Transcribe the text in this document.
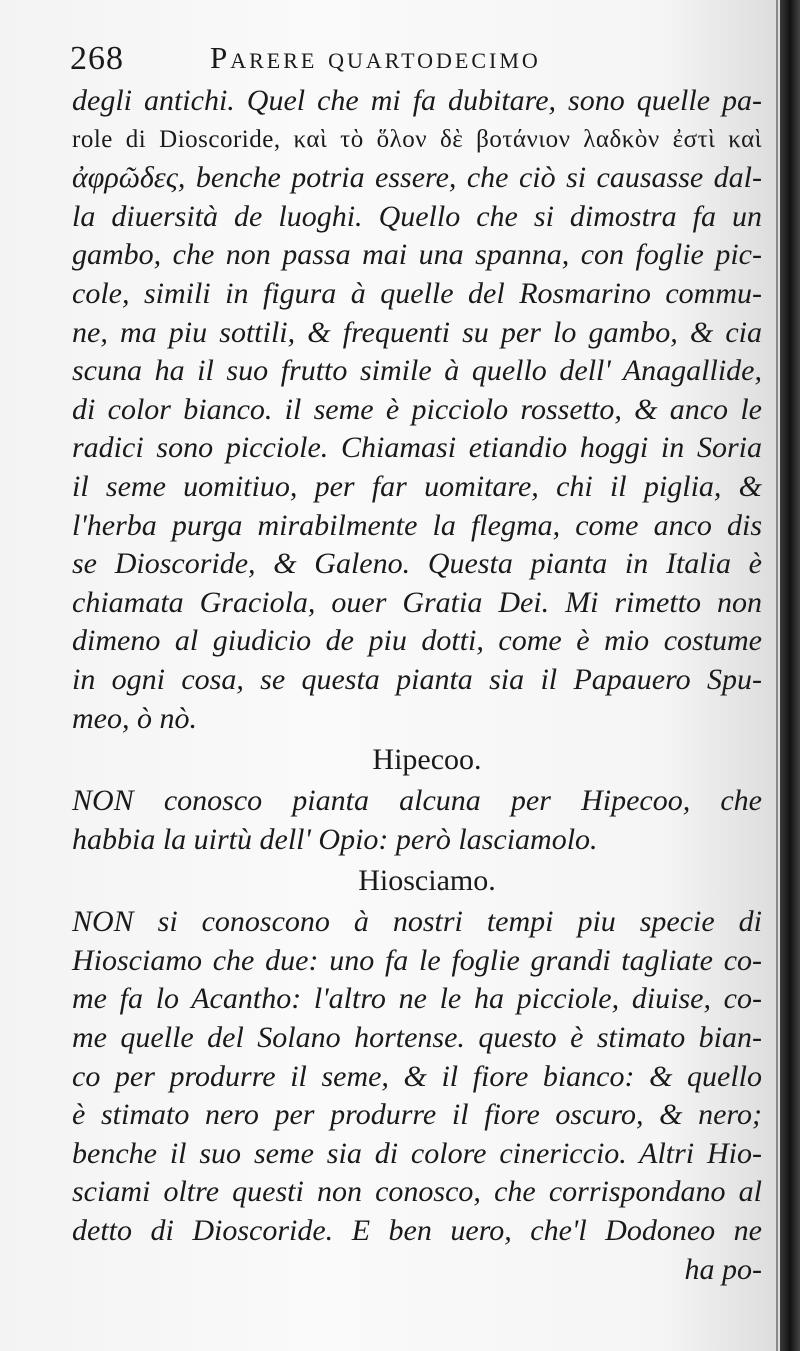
268	Parere quartodecimo
degli antichi. Quel che mi fa dubitare, sono quelle pa-
role di Dioscoride, καὶ τὸ ὅλον δὲ βοτάνιον λαδκὸν ἐστὶ καὶ
ἀφρῶδες, benche potria essere, che ciò si causasse dal-
la diuersità de luoghi. Quello che si dimostra fa un
gambo, che non passa mai una spanna, con foglie pic-
cole, simili in figura à quelle del Rosmarino commu-
ne, ma piu sottili, & frequenti su per lo gambo, & cia
scuna ha il suo frutto simile à quello dell' Anagallide,
di color bianco. il seme è picciolo rossetto, & anco le
radici sono picciole. Chiamasi etiandio hoggi in Soria
il seme uomitiuo, per far uomitare, chi il piglia, &
l'herba purga mirabilmente la flegma, come anco dis
se Dioscoride, & Galeno. Questa pianta in Italia è
chiamata Graciola, ouer Gratia Dei. Mi rimetto non
dimeno al giudicio de piu dotti, come è mio costume
in ogni cosa, se questa pianta sia il Papauero Spu-
meo, ò nò.
Hipecoo.
NON conosco pianta alcuna per Hipecoo, che
habbia la uirtù dell' Opio: però lasciamolo.
Hiosciamo.
NON si conoscono à nostri tempi piu specie di
Hiosciamo che due: uno fa le foglie grandi tagliate co-
me fa lo Acantho: l'altro ne le ha picciole, diuise, co-
me quelle del Solano hortense. questo è stimato bian-
co per produrre il seme, & il fiore bianco: & quello
è stimato nero per produrre il fiore oscuro, & nero;
benche il suo seme sia di colore cinericcio. Altri Hio-
sciami oltre questi non conosco, che corrispondano al
detto di Dioscoride. E ben uero, che'l Dodoneo ne
ha po-
